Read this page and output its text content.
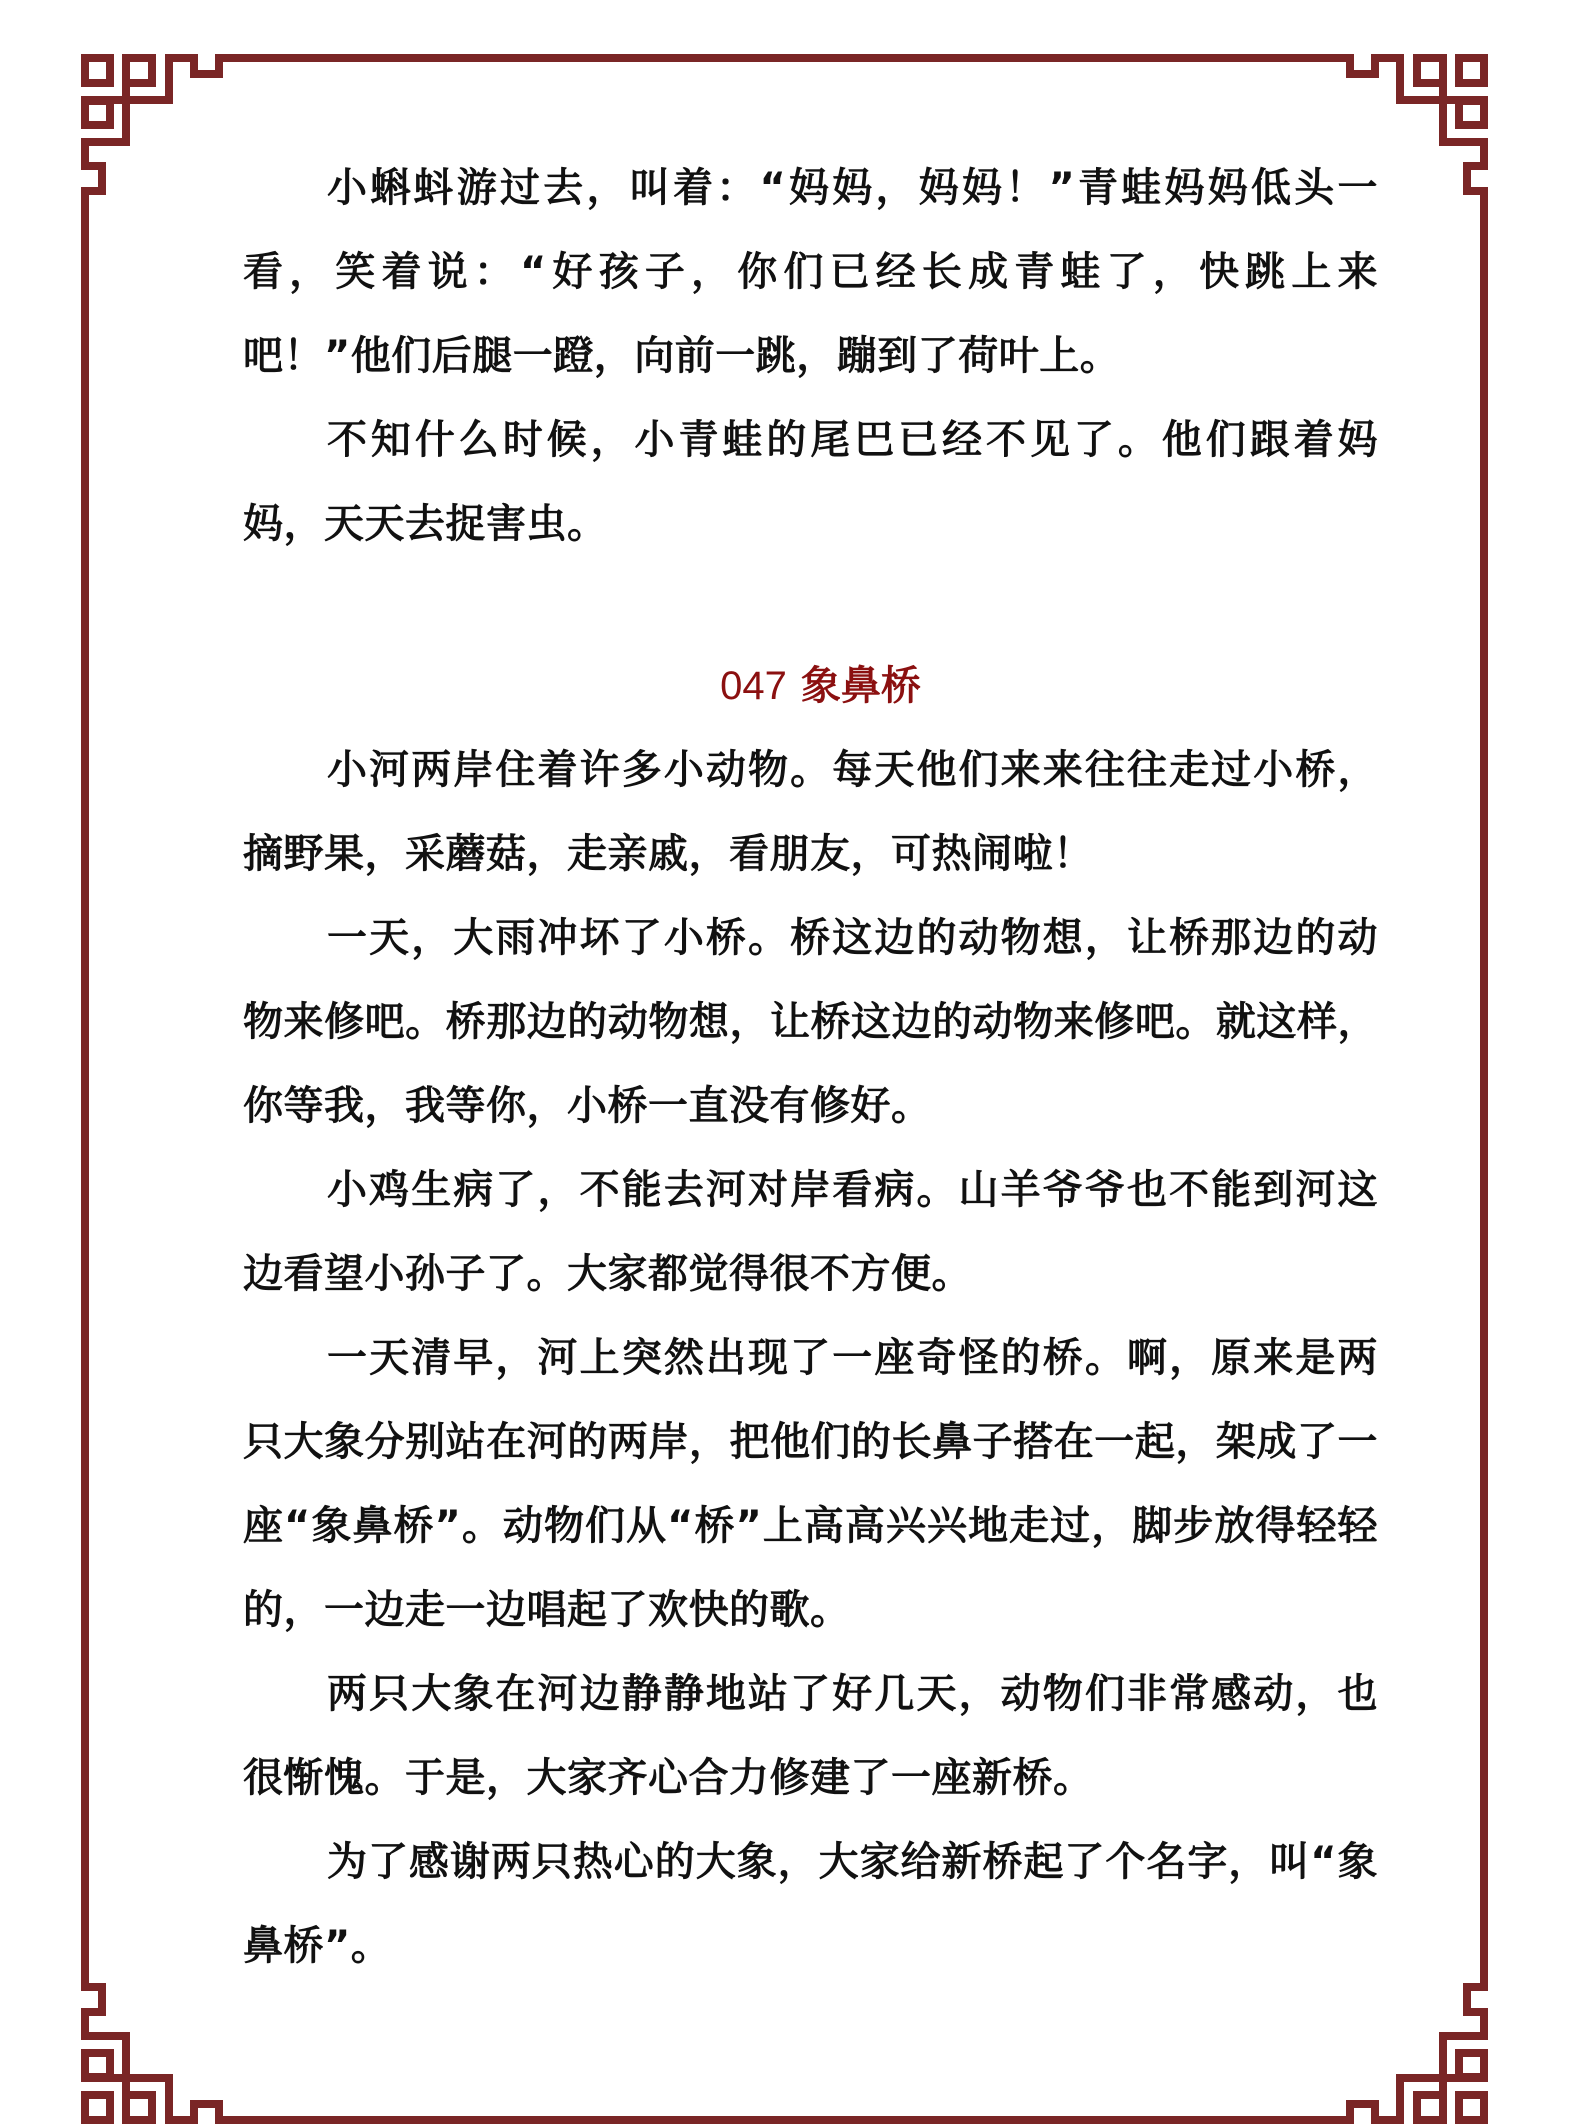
小蝌蚪游过去，叫着：“妈妈，妈妈！”青蛙妈妈低头一看，笑着说：“好孩子，你们已经长成青蛙了，快跳上来吧！”他们后腿一蹬，向前一跳，蹦到了荷叶上。

不知什么时候，小青蛙的尾巴已经不见了。他们跟着妈妈，天天去捉害虫。

047 象鼻桥

小河两岸住着许多小动物。每天他们来来往往走过小桥，摘野果，采蘑菇，走亲戚，看朋友，可热闹啦！

一天，大雨冲坏了小桥。桥这边的动物想，让桥那边的动物来修吧。桥那边的动物想，让桥这边的动物来修吧。就这样，你等我，我等你，小桥一直没有修好。

小鸡生病了，不能去河对岸看病。山羊爷爷也不能到河这边看望小孙子了。大家都觉得很不方便。

一天清早，河上突然出现了一座奇怪的桥。啊，原来是两只大象分别站在河的两岸，把他们的长鼻子搭在一起，架成了一座“象鼻桥”。动物们从“桥”上高高兴兴地走过，脚步放得轻轻的，一边走一边唱起了欢快的歌。

两只大象在河边静静地站了好几天，动物们非常感动，也很惭愧。于是，大家齐心合力修建了一座新桥。

为了感谢两只热心的大象，大家给新桥起了个名字，叫“象鼻桥”。
